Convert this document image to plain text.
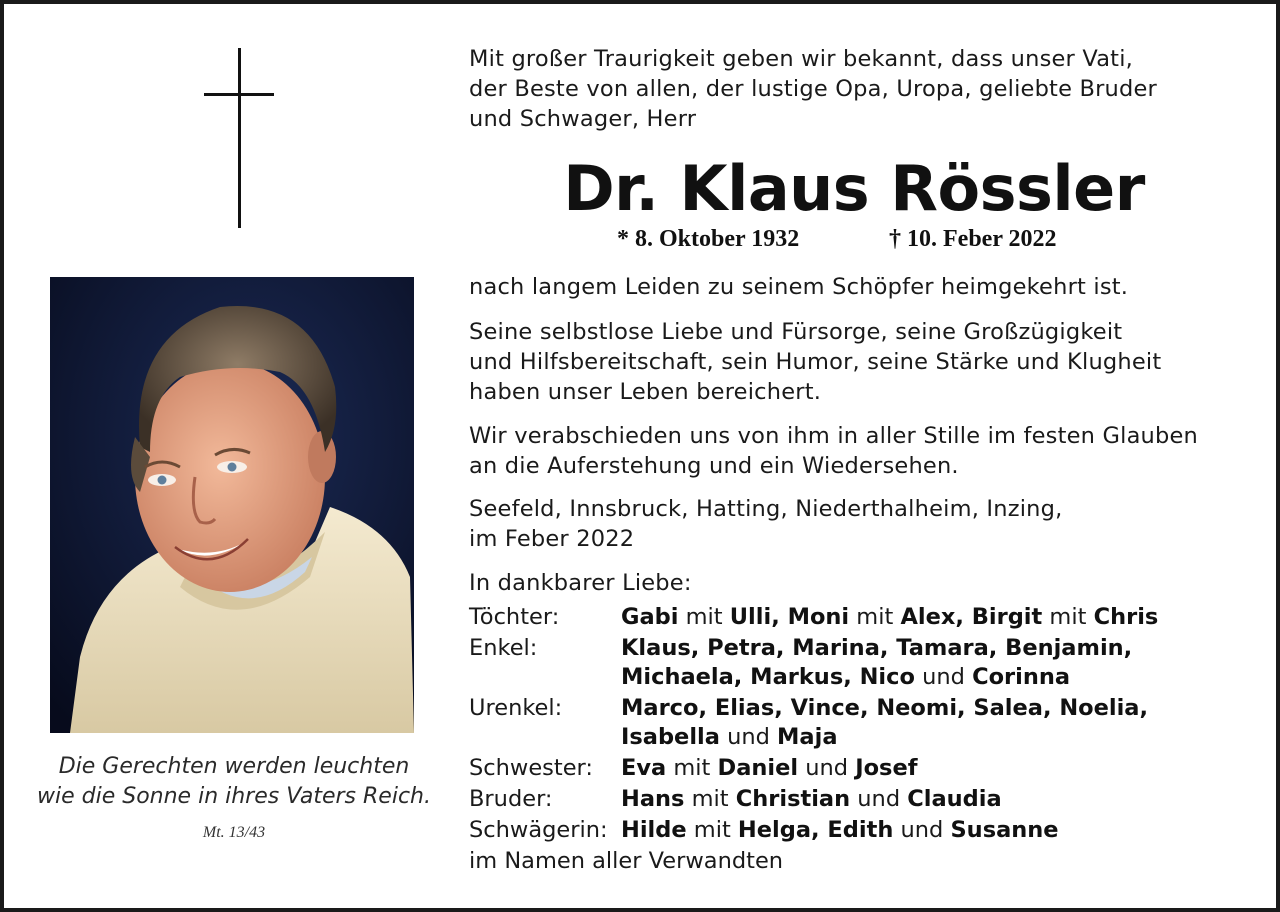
Die Gerechten werden leuchten
wie die Sonne in ihres Vaters Reich.
Mt. 13/43
Mit großer Traurigkeit geben wir bekannt, dass unser Vati,
der Beste von allen, der lustige Opa, Uropa, geliebte Bruder
und Schwager, Herr
Dr. Klaus Rössler
* 8. Oktober 1932	† 10. Feber 2022
nach langem Leiden zu seinem Schöpfer heimgekehrt ist.
Seine selbstlose Liebe und Fürsorge, seine Großzügigkeit
und Hilfsbereitschaft, sein Humor, seine Stärke und Klugheit
haben unser Leben bereichert.
Wir verabschieden uns von ihm in aller Stille im festen Glauben
an die Auferstehung und ein Wiedersehen.
Seefeld, Innsbruck, Hatting, Niederthalheim, Inzing,
im Feber 2022
In dankbarer Liebe:
Töchter:	Gabi mit Ulli, Moni mit Alex, Birgit mit Chris
Enkel:	Klaus, Petra, Marina, Tamara, Benjamin,
Michaela, Markus, Nico und Corinna
Urenkel:	Marco, Elias, Vince, Neomi, Salea, Noelia,
Isabella und Maja
Schwester: Eva mit Daniel und Josef
Bruder:	Hans mit Christian und Claudia
Schwägerin: Hilde mit Helga, Edith und Susanne
im Namen aller Verwandten
